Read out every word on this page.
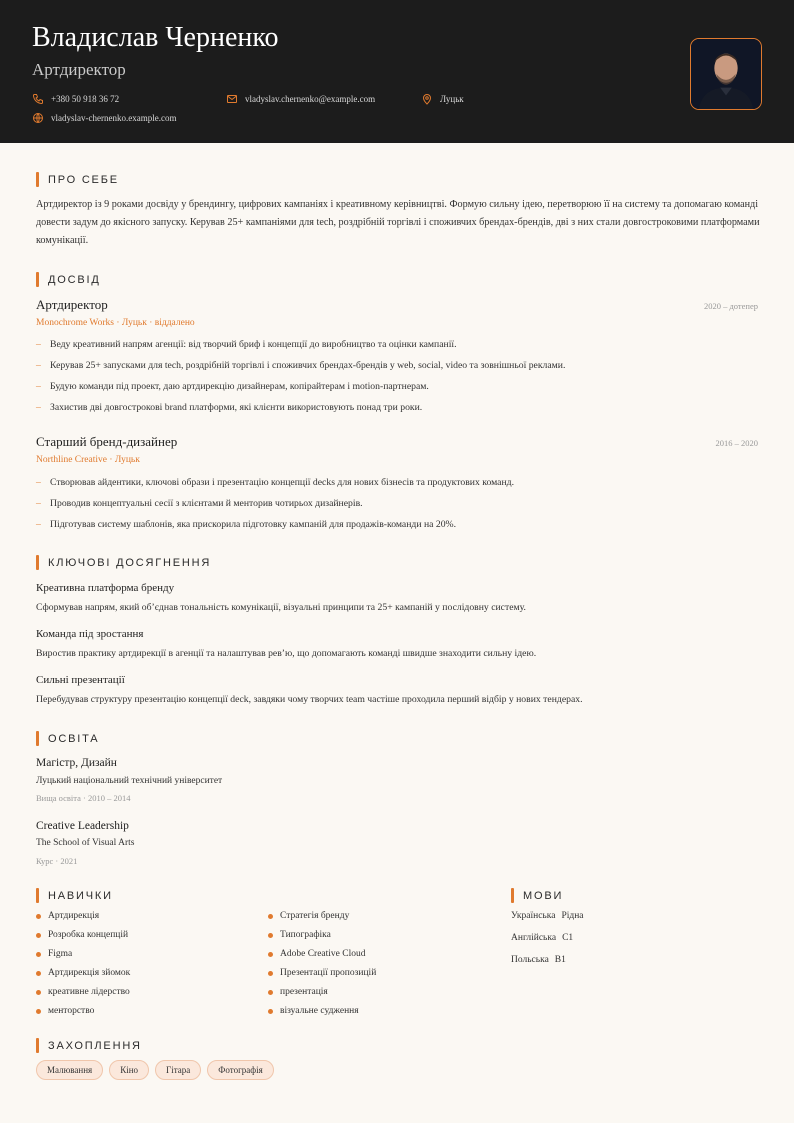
Владислав Черненко
Артдиректор
+380 50 918 36 72	vladyslav.chernenko@example.com	Луцьк
vladyslav-chernenko.example.com
ПРО СЕБЕ
Артдиректор із 9 роками досвіду у брендингу, цифрових кампаніях і креативному керівництві. Формую сильну ідею, перетворюю її на систему та допомагаю команді довести задум до якісного запуску. Керував 25+ кампаніями для tech, роздрібній торгівлі і споживчих брендах-брендів, дві з них стали довгостроковими платформами комунікації.
ДОСВІД
Артдиректор	2020 – дотепер
Monochrome Works · Луцьк · віддалено
– Веду креативний напрям агенції: від творчий бриф і концепції до виробництво та оцінки кампанії.
– Керував 25+ запусками для tech, роздрібній торгівлі і споживчих брендах-брендів у web, social, video та зовнішньої реклами.
– Будую команди під проект, даю артдирекцію дизайнерам, копірайтерам і motion-партнерам.
– Захистив дві довгострокові brand платформи, які клієнти використовують понад три роки.
Старший бренд-дизайнер	2016 – 2020
Northline Creative · Луцьк
– Створював айдентики, ключові образи і презентацію концепції decks для нових бізнесів та продуктових команд.
– Проводив концептуальні сесії з клієнтами й менторив чотирьох дизайнерів.
– Підготував систему шаблонів, яка прискорила підготовку кампаній для продажів-команди на 20%.
КЛЮЧОВІ ДОСЯГНЕННЯ
Креативна платформа бренду
Сформував напрям, який об’єднав тональність комунікації, візуальні принципи та 25+ кампаній у послідовну систему.
Команда під зростання
Виростив практику артдирекції в агенції та налаштував рев’ю, що допомагають команді швидше знаходити сильну ідею.
Сильні презентації
Перебудував структуру презентацію концепції deck, завдяки чому творчих team частіше проходила перший відбір у нових тендерах.
ОСВІТА
Магістр, Дизайн
Луцький національний технічний університет
Вища освіта · 2010 – 2014
Creative Leadership
The School of Visual Arts
Курс · 2021
НАВИЧКИ
Артдирекція
Розробка концепцій
Figma
Артдирекція зйомок
креативне лідерство
менторство
Стратегія бренду
Типографіка
Adobe Creative Cloud
Презентації пропозицій
презентація
візуальне судження
МОВИ
Українська Рідна
Англійська C1
Польська B1
ЗАХОПЛЕННЯ
Малювання	Кіно	Гітара	Фотографія
